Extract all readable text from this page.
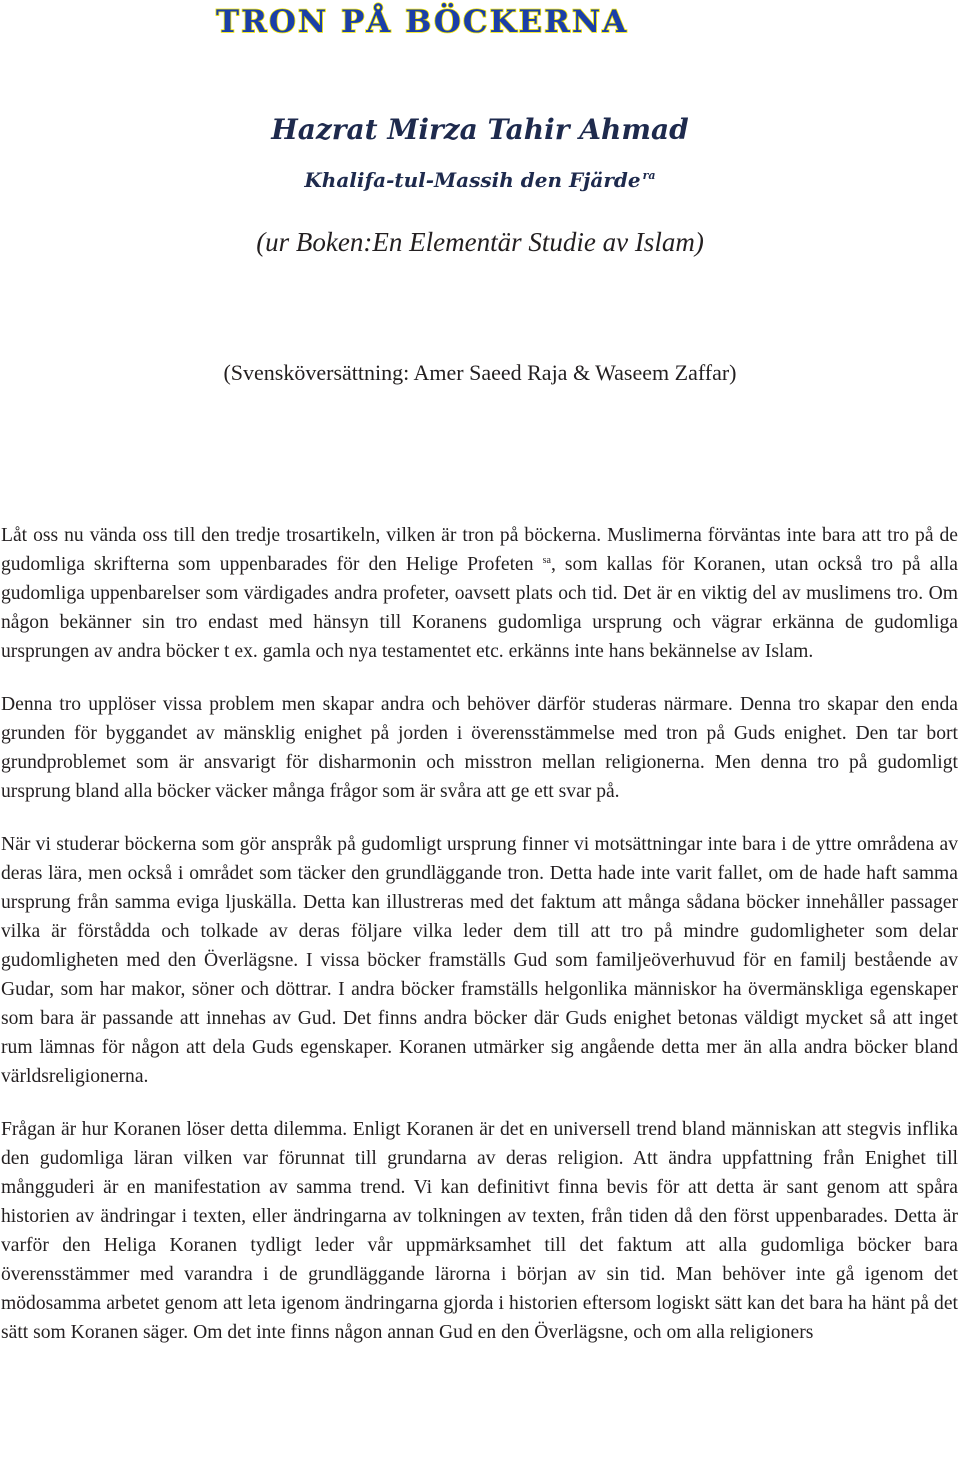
TRON PÅ BÖCKERNA
Hazrat Mirza Tahir Ahmad
Khalifa-tul-Massih den Fjärde $^{ra}$

(ur Boken:En Elementär Studie av Islam)

(Svensköversättning: Amer Saeed Raja & Waseem Zaffar)

Låt oss nu vända oss till den tredje trosartikeln, vilken är tron på böckerna. Muslimerna förväntas inte bara att tro på de gudomliga skrifterna som uppenbarades för den Helige Profeten $^{sa}$, som kallas för Koranen, utan också tro på alla gudomliga uppenbarelser som värdigades andra profeter, oavsett plats och tid. Det är en viktig del av muslimens tro. Om någon bekänner sin tro endast med hänsyn till Koranens gudomliga ursprung och vägrar erkänna de gudomliga ursprungen av andra böcker t ex. gamla och nya testamentet etc. erkänns inte hans bekännelse av Islam.

Denna tro upplöser vissa problem men skapar andra och behöver därför studeras närmare. Denna tro skapar den enda grunden för byggandet av mänsklig enighet på jorden i överensstämmelse med tron på Guds enighet. Den tar bort grundproblemet som är ansvarigt för disharmonin och misstron mellan religionerna. Men denna tro på gudomligt ursprung bland alla böcker väcker många frågor som är svåra att ge ett svar på.

När vi studerar böckerna som gör anspråk på gudomligt ursprung finner vi motsättningar inte bara i de yttre områdena av deras lära, men också i området som täcker den grundläggande tron. Detta hade inte varit fallet, om de hade haft samma ursprung från samma eviga ljuskälla. Detta kan illustreras med det faktum att många sådana böcker innehåller passager vilka är förstådda och tolkade av deras följare vilka leder dem till att tro på mindre gudomligheter som delar gudomligheten med den Överlägsne. I vissa böcker framställs Gud som familjeöverhuvud för en familj bestående av Gudar, som har makor, söner och döttrar. I andra böcker framställs helgonlika människor ha övermänskliga egenskaper som bara är passande att innehas av Gud. Det finns andra böcker där Guds enighet betonas väldigt mycket så att inget rum lämnas för någon att dela Guds egenskaper. Koranen utmärker sig angående detta mer än alla andra böcker bland världsreligionerna.

Frågan är hur Koranen löser detta dilemma. Enligt Koranen är det en universell trend bland människan att stegvis inflika den gudomliga läran vilken var förunnat till grundarna av deras religion. Att ändra uppfattning från Enighet till mångguderi är en manifestation av samma trend. Vi kan definitivt finna bevis för att detta är sant genom att spåra historien av ändringar i texten, eller ändringarna av tolkningen av texten, från tiden då den först uppenbarades. Detta är varför den Heliga Koranen tydligt leder vår uppmärksamhet till det faktum att alla gudomliga böcker bara överensstämmer med varandra i de grundläggande lärorna i början av sin tid. Man behöver inte gå igenom det mödosamma arbetet genom att leta igenom ändringarna gjorda i historien eftersom logiskt sätt kan det bara ha hänt på det sätt som Koranen säger. Om det inte finns någon annan Gud en den Överlägsne, och om alla religioners
